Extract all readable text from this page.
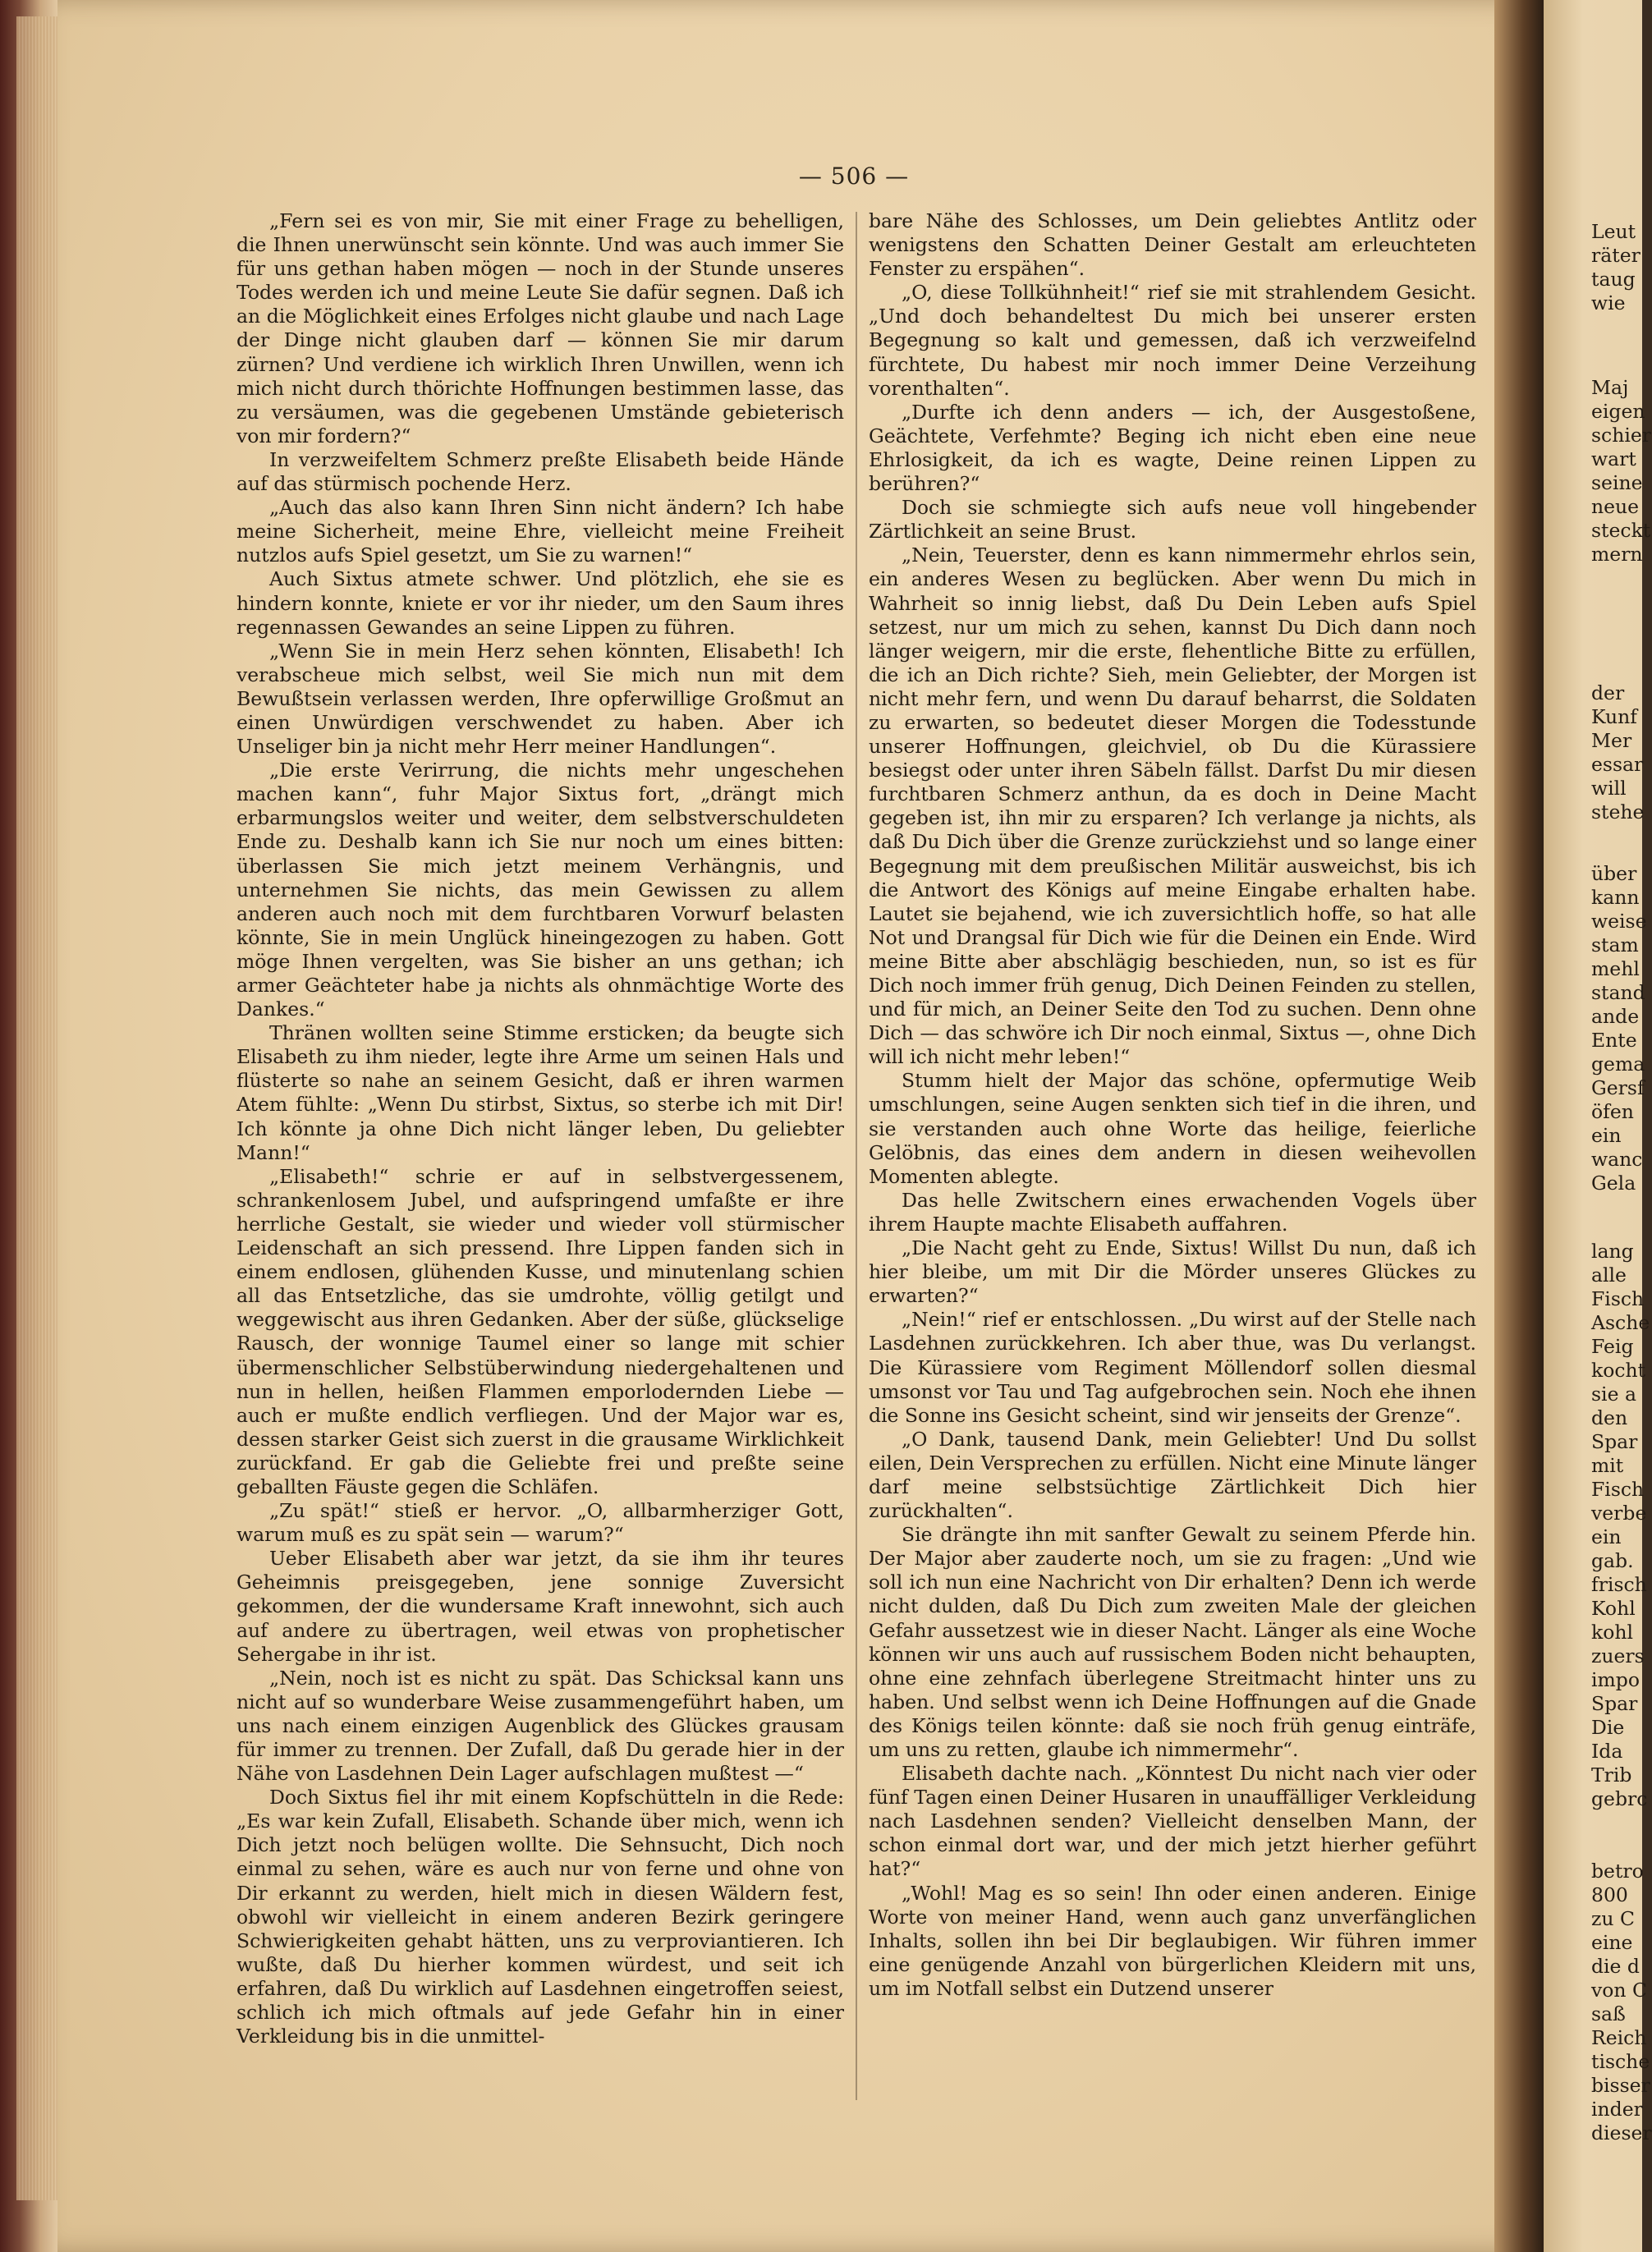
— 506 —

„Fern sei es von mir, Sie mit einer Frage zu behelligen, die Ihnen unerwünscht sein könnte. Und was auch immer Sie für uns gethan haben mögen — noch in der Stunde unseres Todes werden ich und meine Leute Sie dafür segnen. Daß ich an die Möglichkeit eines Erfolges nicht glaube und nach Lage der Dinge nicht glauben darf — können Sie mir darum zürnen? Und verdiene ich wirklich Ihren Unwillen, wenn ich mich nicht durch thörichte Hoffnungen bestimmen lasse, das zu versäumen, was die gegebenen Umstände gebieterisch von mir fordern?“

In verzweifeltem Schmerz preßte Elisabeth beide Hände auf das stürmisch pochende Herz.

„Auch das also kann Ihren Sinn nicht ändern? Ich habe meine Sicherheit, meine Ehre, vielleicht meine Freiheit nutzlos aufs Spiel gesetzt, um Sie zu warnen!“

Auch Sixtus atmete schwer. Und plötzlich, ehe sie es hindern konnte, kniete er vor ihr nieder, um den Saum ihres regennassen Gewandes an seine Lippen zu führen.

„Wenn Sie in mein Herz sehen könnten, Elisabeth! Ich verabscheue mich selbst, weil Sie mich nun mit dem Bewußtsein verlassen werden, Ihre opferwillige Großmut an einen Unwürdigen verschwendet zu haben. Aber ich Unseliger bin ja nicht mehr Herr meiner Handlungen“.

„Die erste Verirrung, die nichts mehr ungeschehen machen kann“, fuhr Major Sixtus fort, „drängt mich erbarmungslos weiter und weiter, dem selbstverschuldeten Ende zu. Deshalb kann ich Sie nur noch um eines bitten: überlassen Sie mich jetzt meinem Verhängnis, und unternehmen Sie nichts, das mein Gewissen zu allem anderen auch noch mit dem furchtbaren Vorwurf belasten könnte, Sie in mein Unglück hineingezogen zu haben. Gott möge Ihnen vergelten, was Sie bisher an uns gethan; ich armer Geächteter habe ja nichts als ohnmächtige Worte des Dankes.“

Thränen wollten seine Stimme ersticken; da beugte sich Elisabeth zu ihm nieder, legte ihre Arme um seinen Hals und flüsterte so nahe an seinem Gesicht, daß er ihren warmen Atem fühlte: „Wenn Du stirbst, Sixtus, so sterbe ich mit Dir! Ich könnte ja ohne Dich nicht länger leben, Du geliebter Mann!“

„Elisabeth!“ schrie er auf in selbstvergessenem, schrankenlosem Jubel, und aufspringend umfaßte er ihre herrliche Gestalt, sie wieder und wieder voll stürmischer Leidenschaft an sich pressend. Ihre Lippen fanden sich in einem endlosen, glühenden Kusse, und minutenlang schien all das Entsetzliche, das sie umdrohte, völlig getilgt und weggewischt aus ihren Gedanken. Aber der süße, glückselige Rausch, der wonnige Taumel einer so lange mit schier übermenschlicher Selbstüberwindung niedergehaltenen und nun in hellen, heißen Flammen emporlodernden Liebe — auch er mußte endlich verfliegen. Und der Major war es, dessen starker Geist sich zuerst in die grausame Wirklichkeit zurückfand. Er gab die Geliebte frei und preßte seine geballten Fäuste gegen die Schläfen.

„Zu spät!“ stieß er hervor. „O, allbarmherziger Gott, warum muß es zu spät sein — warum?“

Ueber Elisabeth aber war jetzt, da sie ihm ihr teures Geheimnis preisgegeben, jene sonnige Zuversicht gekommen, der die wundersame Kraft innewohnt, sich auch auf andere zu übertragen, weil etwas von prophetischer Sehergabe in ihr ist.

„Nein, noch ist es nicht zu spät. Das Schicksal kann uns nicht auf so wunderbare Weise zusammengeführt haben, um uns nach einem einzigen Augenblick des Glückes grausam für immer zu trennen. Der Zufall, daß Du gerade hier in der Nähe von Lasdehnen Dein Lager aufschlagen mußtest —“

Doch Sixtus fiel ihr mit einem Kopfschütteln in die Rede: „Es war kein Zufall, Elisabeth. Schande über mich, wenn ich Dich jetzt noch belügen wollte. Die Sehnsucht, Dich noch einmal zu sehen, wäre es auch nur von ferne und ohne von Dir erkannt zu werden, hielt mich in diesen Wäldern fest, obwohl wir vielleicht in einem anderen Bezirk geringere Schwierigkeiten gehabt hätten, uns zu verproviantieren. Ich wußte, daß Du hierher kommen würdest, und seit ich erfahren, daß Du wirklich auf Lasdehnen eingetroffen seiest, schlich ich mich oftmals auf jede Gefahr hin in einer Verkleidung bis in die unmittel-

bare Nähe des Schlosses, um Dein geliebtes Antlitz oder wenigstens den Schatten Deiner Gestalt am erleuchteten Fenster zu erspähen“.

„O, diese Tollkühnheit!“ rief sie mit strahlendem Gesicht. „Und doch behandeltest Du mich bei unserer ersten Begegnung so kalt und gemessen, daß ich verzweifelnd fürchtete, Du habest mir noch immer Deine Verzeihung vorenthalten“.

„Durfte ich denn anders — ich, der Ausgestoßene, Geächtete, Verfehmte? Beging ich nicht eben eine neue Ehrlosigkeit, da ich es wagte, Deine reinen Lippen zu berühren?“

Doch sie schmiegte sich aufs neue voll hingebender Zärtlichkeit an seine Brust.

„Nein, Teuerster, denn es kann nimmermehr ehrlos sein, ein anderes Wesen zu beglücken. Aber wenn Du mich in Wahrheit so innig liebst, daß Du Dein Leben aufs Spiel setzest, nur um mich zu sehen, kannst Du Dich dann noch länger weigern, mir die erste, flehentliche Bitte zu erfüllen, die ich an Dich richte? Sieh, mein Geliebter, der Morgen ist nicht mehr fern, und wenn Du darauf beharrst, die Soldaten zu erwarten, so bedeutet dieser Morgen die Todesstunde unserer Hoffnungen, gleichviel, ob Du die Kürassiere besiegst oder unter ihren Säbeln fällst. Darfst Du mir diesen furchtbaren Schmerz anthun, da es doch in Deine Macht gegeben ist, ihn mir zu ersparen? Ich verlange ja nichts, als daß Du Dich über die Grenze zurückziehst und so lange einer Begegnung mit dem preußischen Militär ausweichst, bis ich die Antwort des Königs auf meine Eingabe erhalten habe. Lautet sie bejahend, wie ich zuversichtlich hoffe, so hat alle Not und Drangsal für Dich wie für die Deinen ein Ende. Wird meine Bitte aber abschlägig beschieden, nun, so ist es für Dich noch immer früh genug, Dich Deinen Feinden zu stellen, und für mich, an Deiner Seite den Tod zu suchen. Denn ohne Dich — das schwöre ich Dir noch einmal, Sixtus —, ohne Dich will ich nicht mehr leben!“

Stumm hielt der Major das schöne, opfermutige Weib umschlungen, seine Augen senkten sich tief in die ihren, und sie verstanden auch ohne Worte das heilige, feierliche Gelöbnis, das eines dem andern in diesen weihevollen Momenten ablegte.

Das helle Zwitschern eines erwachenden Vogels über ihrem Haupte machte Elisabeth auffahren.

„Die Nacht geht zu Ende, Sixtus! Willst Du nun, daß ich hier bleibe, um mit Dir die Mörder unseres Glückes zu erwarten?“

„Nein!“ rief er entschlossen. „Du wirst auf der Stelle nach Lasdehnen zurückkehren. Ich aber thue, was Du verlangst. Die Kürassiere vom Regiment Möllendorf sollen diesmal umsonst vor Tau und Tag aufgebrochen sein. Noch ehe ihnen die Sonne ins Gesicht scheint, sind wir jenseits der Grenze“.

„O Dank, tausend Dank, mein Geliebter! Und Du sollst eilen, Dein Versprechen zu erfüllen. Nicht eine Minute länger darf meine selbstsüchtige Zärtlichkeit Dich hier zurückhalten“.

Sie drängte ihn mit sanfter Gewalt zu seinem Pferde hin. Der Major aber zauderte noch, um sie zu fragen: „Und wie soll ich nun eine Nachricht von Dir erhalten? Denn ich werde nicht dulden, daß Du Dich zum zweiten Male der gleichen Gefahr aussetzest wie in dieser Nacht. Länger als eine Woche können wir uns auch auf russischem Boden nicht behaupten, ohne eine zehnfach überlegene Streitmacht hinter uns zu haben. Und selbst wenn ich Deine Hoffnungen auf die Gnade des Königs teilen könnte: daß sie noch früh genug einträfe, um uns zu retten, glaube ich nimmermehr“.

Elisabeth dachte nach. „Könntest Du nicht nach vier oder fünf Tagen einen Deiner Husaren in unauffälliger Verkleidung nach Lasdehnen senden? Vielleicht denselben Mann, der schon einmal dort war, und der mich jetzt hierher geführt hat?“

„Wohl! Mag es so sein! Ihn oder einen anderen. Einige Worte von meiner Hand, wenn auch ganz unverfänglichen Inhalts, sollen ihn bei Dir beglaubigen. Wir führen immer eine genügende Anzahl von bürgerlichen Kleidern mit uns, um im Notfall selbst ein Dutzend unserer

Leut
räter
taug
wie
Maj
eigen
schier
wart
seine
neue
steckt
mern
der
Kunf
Mer
essar
will
stehe
über
kann
weise
stam
mehl
stand
ande
Ente
gema
Gersf
öfen
ein
wanc
Gela
lang
alle
Fisch
Asche
Feig
kocht
sie a
den
Spar
mit
Fisch
verbe
ein
gab.
frisch
Kohl
kohl
zuers
impo
Spar
Die
Ida
Trib
gebrc
betro
800
zu C
eine
die d
von C
saß
Reich
tische
bisser
inder
dieser
